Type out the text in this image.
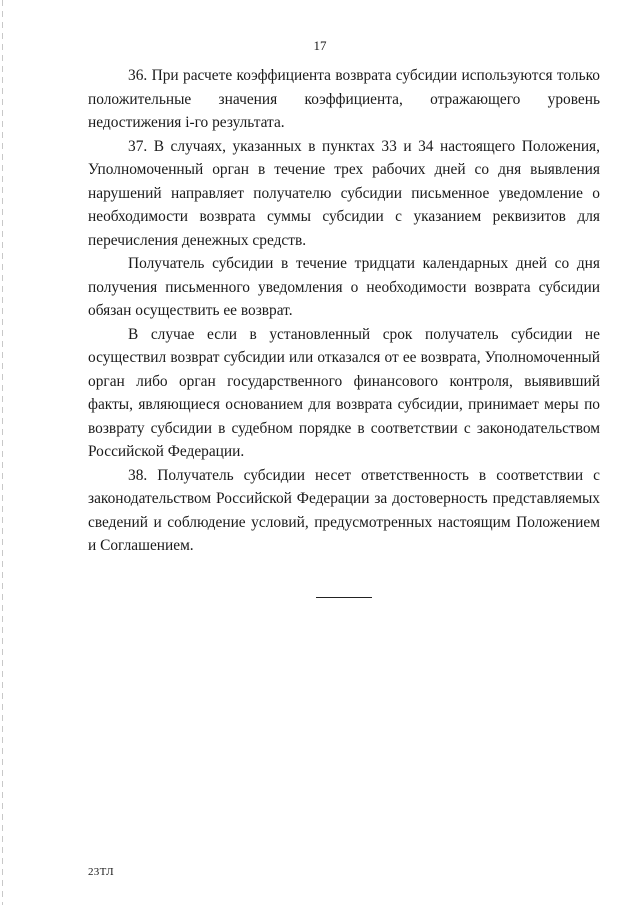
17

36. При расчете коэффициента возврата субсидии используются только положительные значения коэффициента, отражающего уровень недостижения i-го результата.

37. В случаях, указанных в пунктах 33 и 34 настоящего Положения, Уполномоченный орган в течение трех рабочих дней со дня выявления нарушений направляет получателю субсидии письменное уведомление о необходимости возврата суммы субсидии с указанием реквизитов для перечисления денежных средств.

Получатель субсидии в течение тридцати календарных дней со дня получения письменного уведомления о необходимости возврата субсидии обязан осуществить ее возврат.

В случае если в установленный срок получатель субсидии не осуществил возврат субсидии или отказался от ее возврата, Уполномоченный орган либо орган государственного финансового контроля, выявивший факты, являющиеся основанием для возврата субсидии, принимает меры по возврату субсидии в судебном порядке в соответствии с законодательством Российской Федерации.

38. Получатель субсидии несет ответственность в соответствии с законодательством Российской Федерации за достоверность представляемых сведений и соблюдение условий, предусмотренных настоящим Положением и Соглашением.

23ТЛ
